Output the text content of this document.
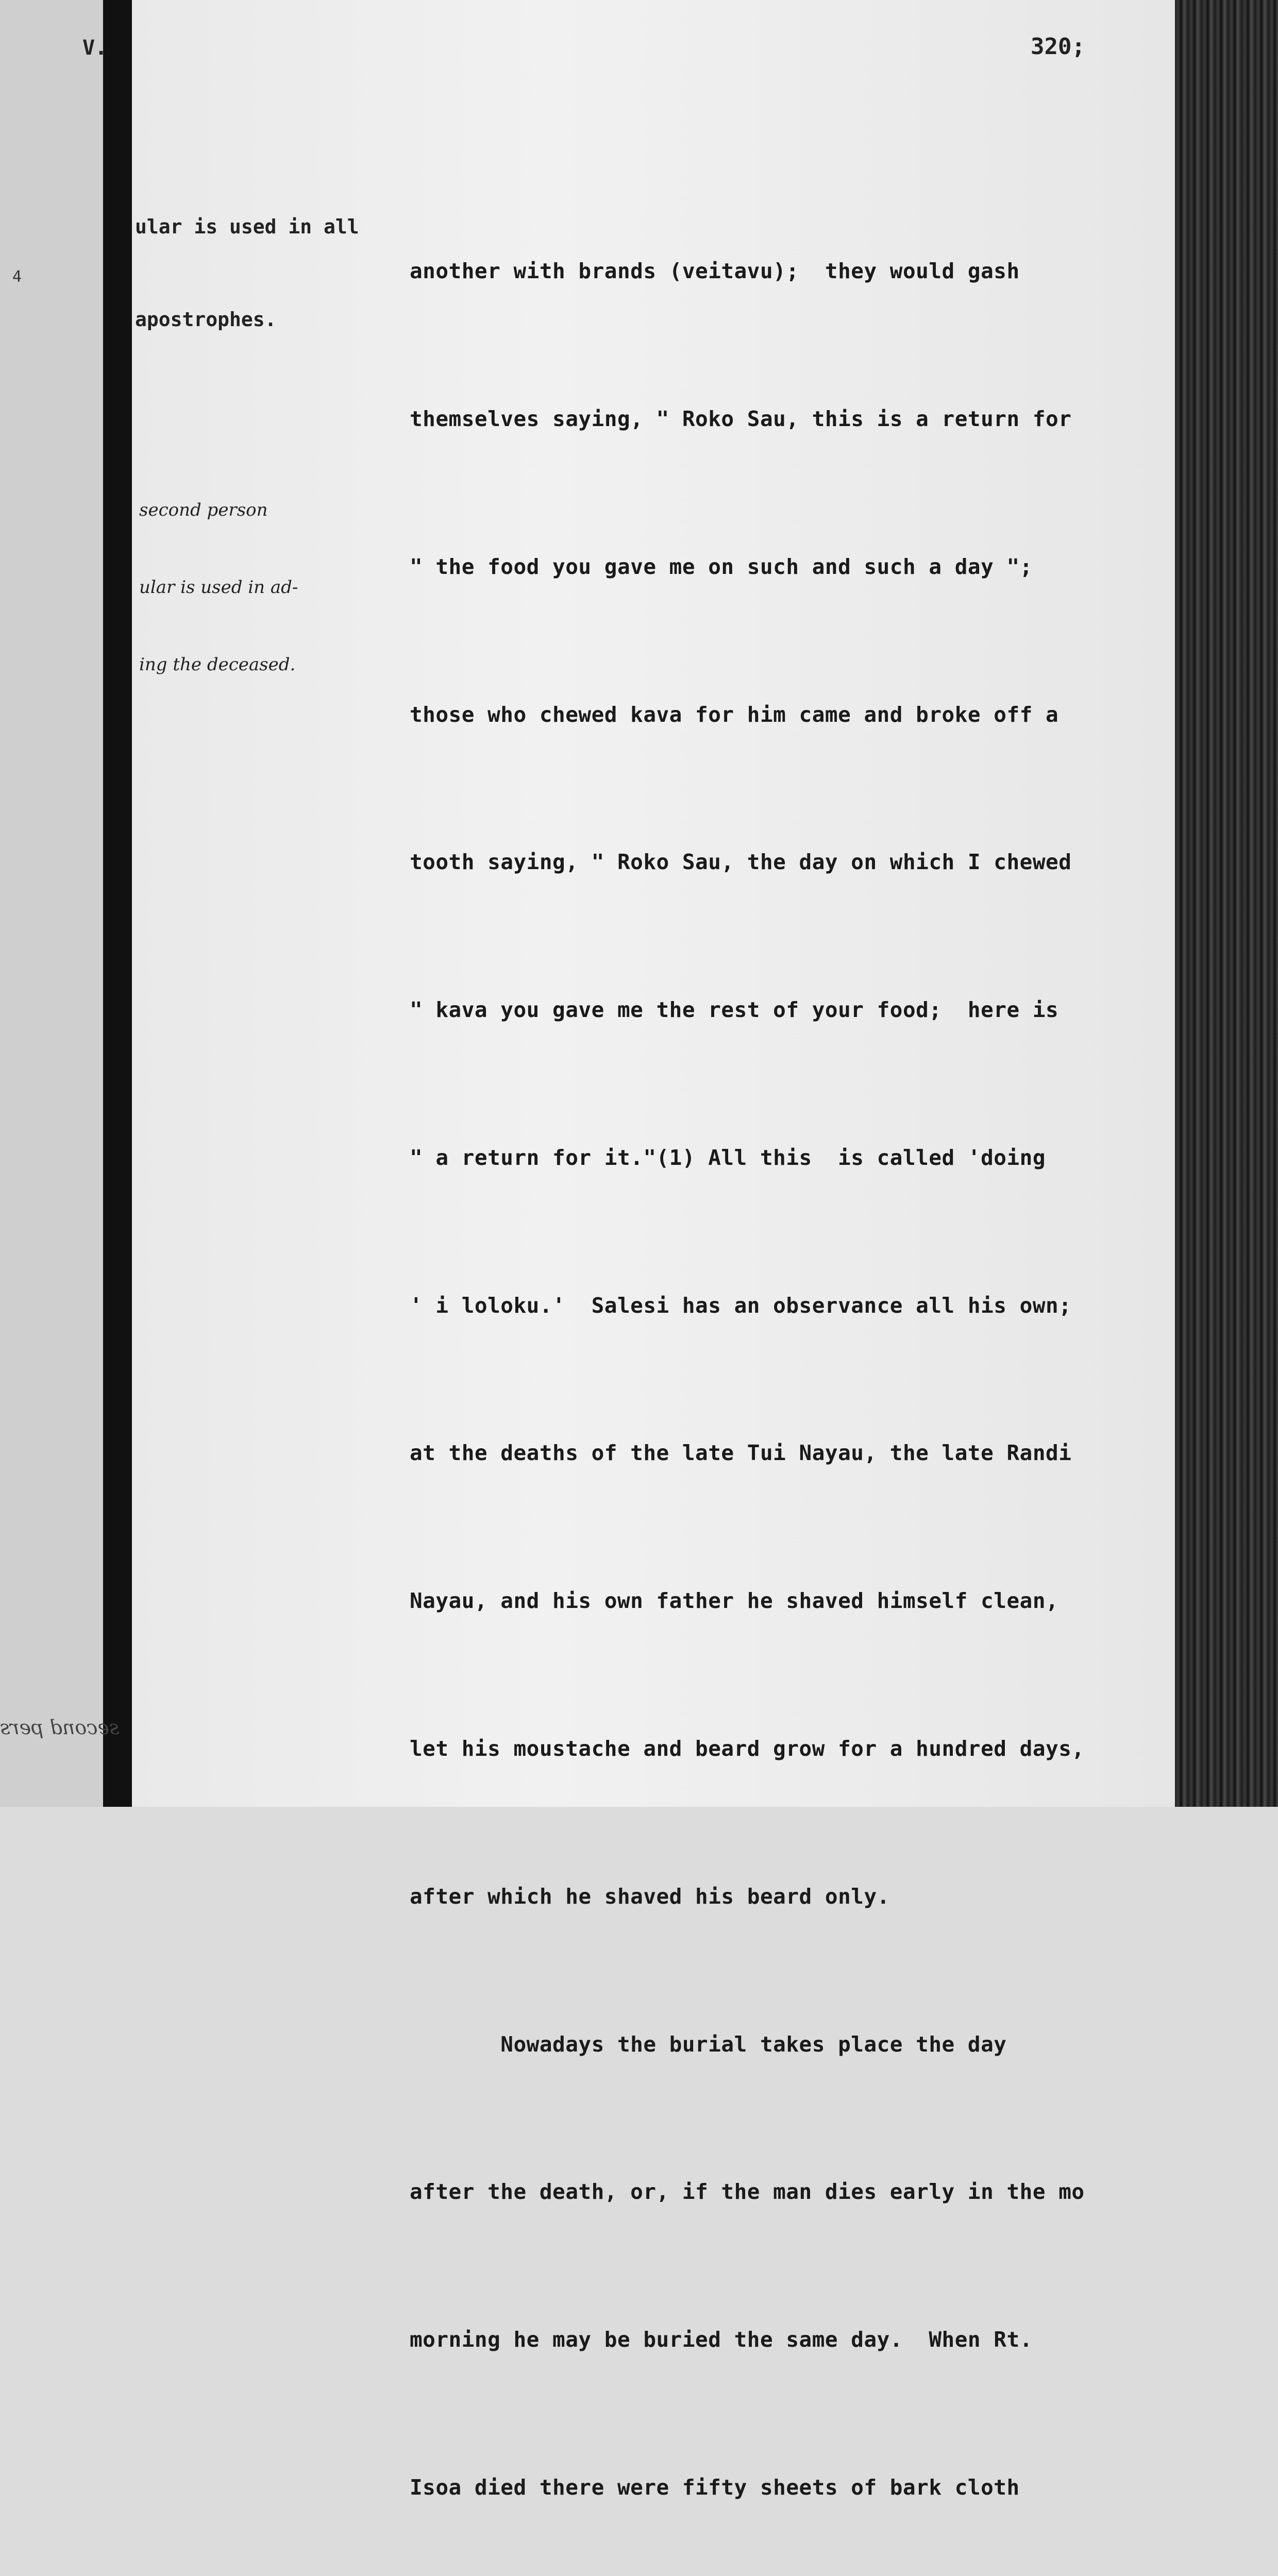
V.	320;
4

ular is used in all

apostrophes.

second person

ular is used in ad-

ing the deceased.

second pers

another with brands (veitavu);  they would gash

themselves saying, " Roko Sau, this is a return for

" the food you gave me on such and such a day ";

those who chewed kava for him came and broke off a

tooth saying, " Roko Sau, the day on which I chewed

" kava you gave me the rest of your food;  here is

" a return for it."(1) All this  is called 'doing

' i loloku.'  Salesi has an observance all his own;

at the deaths of the late Tui Nayau, the late Randi

Nayau, and his own father he shaved himself clean,

let his moustache and beard grow for a hundred days,

after which he shaved his beard only.

Nowadays the burial takes place the day

after the death, or, if the man dies early in the mo

morning he may be buried the same day.  When Rt.

Isoa died there were fifty sheets of bark cloth
